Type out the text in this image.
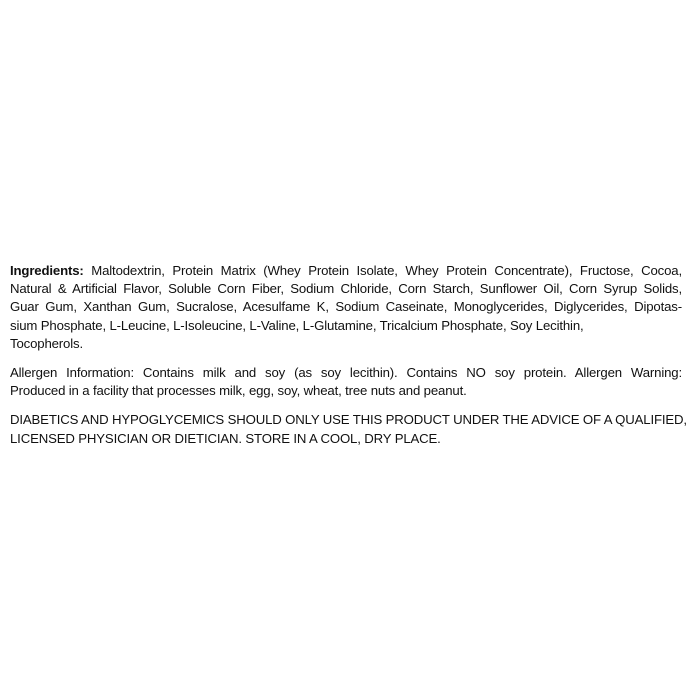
Ingredients: Maltodextrin, Protein Matrix (Whey Protein Isolate, Whey Protein Concentrate), Fructose, Cocoa,
Natural & Artificial Flavor, Soluble Corn Fiber, Sodium Chloride, Corn Starch, Sunflower Oil, Corn Syrup Solids,
Guar Gum, Xanthan Gum, Sucralose, Acesulfame K, Sodium Caseinate, Monoglycerides, Diglycerides, Dipotas-
sium Phosphate, L-Leucine, L-Isoleucine, L-Valine, L-Glutamine, Tricalcium Phosphate, Soy Lecithin,
Tocopherols.
Allergen Information: Contains milk and soy (as soy lecithin). Contains NO soy protein. Allergen Warning:
Produced in a facility that processes milk, egg, soy, wheat, tree nuts and peanut.
DIABETICS AND HYPOGLYCEMICS SHOULD ONLY USE THIS PRODUCT UNDER THE ADVICE OF A QUALIFIED,
LICENSED PHYSICIAN OR DIETICIAN. STORE IN A COOL, DRY PLACE.
